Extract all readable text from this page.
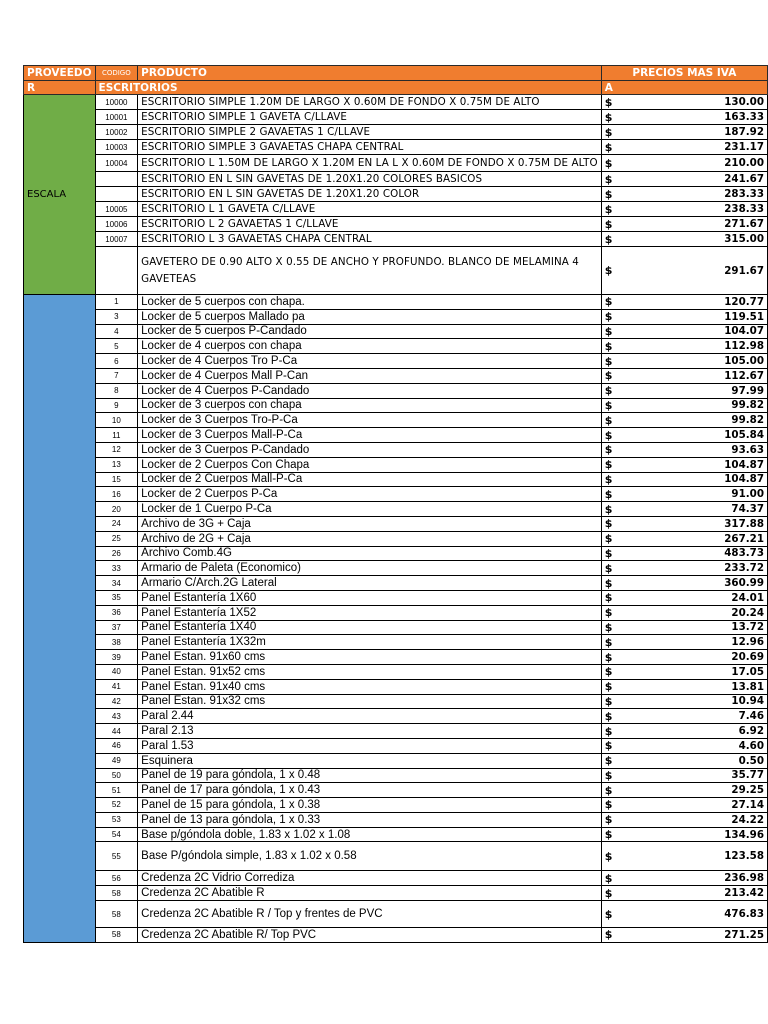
PROVEEDO	CODIGO	PRODUCTO		PRECIOS MAS IVA	
R	ESCRITORIOS			A	
ESCALA	10000	ESCRITORIO SIMPLE 1.20M DE LARGO X 0.60M DE FONDO X 0.75M DE ALTO		$	130.00
	10001	ESCRITORIO SIMPLE 1 GAVETA C/LLAVE		$	163.33
	10002	ESCRITORIO SIMPLE 2 GAVAETAS 1 C/LLAVE		$	187.92
	10003	ESCRITORIO SIMPLE 3 GAVAETAS CHAPA CENTRAL		$	231.17
	10004	ESCRITORIO L 1.50M DE LARGO X 1.20M EN LA L X 0.60M DE FONDO X 0.75M DE ALTO		$	210.00
		ESCRITORIO EN L SIN GAVETAS DE 1.20X1.20 COLORES BASICOS		$	241.67
		ESCRITORIO EN L SIN GAVETAS DE 1.20X1.20 COLOR		$	283.33
	10005	ESCRITORIO L 1 GAVETA C/LLAVE		$	238.33
	10006	ESCRITORIO L 2 GAVAETAS 1 C/LLAVE		$	271.67
	10007	ESCRITORIO L 3 GAVAETAS CHAPA CENTRAL		$	315.00
		GAVETERO DE 0.90 ALTO X 0.55 DE ANCHO Y PROFUNDO. BLANCO DE MELAMINA 4 GAVETEAS		$	291.67
	1	Locker de 5 cuerpos con chapa.		$	120.77
	3	Locker de 5 cuerpos Mallado pa		$	119.51
	4	Locker de 5 cuerpos P-Candado		$	104.07
	5	Locker de 4 cuerpos con chapa		$	112.98
	6	Locker de 4 Cuerpos Tro P-Ca		$	105.00
	7	Locker de 4 Cuerpos Mall P-Can		$	112.67
	8	Locker de 4 Cuerpos P-Candado		$	97.99
	9	Locker de 3 cuerpos con chapa		$	99.82
	10	Locker de 3 Cuerpos Tro-P-Ca		$	99.82
	11	Locker de 3 Cuerpos Mall-P-Ca		$	105.84
	12	Locker de 3 Cuerpos P-Candado		$	93.63
	13	Locker de 2 Cuerpos Con Chapa		$	104.87
	15	Locker de 2 Cuerpos Mall-P-Ca		$	104.87
	16	Locker de 2 Cuerpos P-Ca		$	91.00
	20	Locker de 1 Cuerpo P-Ca		$	74.37
	24	Archivo de 3G + Caja		$	317.88
	25	Archivo de 2G + Caja		$	267.21
	26	Archivo Comb.4G		$	483.73
	33	Armario de Paleta (Economico)		$	233.72
	34	Armario C/Arch.2G Lateral		$	360.99
	35	Panel Estantería 1X60		$	24.01
	36	Panel Estantería 1X52		$	20.24
	37	Panel Estantería 1X40		$	13.72
	38	Panel Estantería 1X32m		$	12.96
	39	Panel Estan. 91x60 cms		$	20.69
	40	Panel Estan. 91x52 cms		$	17.05
	41	Panel Estan. 91x40 cms		$	13.81
	42	Panel Estan. 91x32 cms		$	10.94
	43	Paral 2.44		$	7.46
	44	Paral 2.13		$	6.92
	46	Paral 1.53		$	4.60
	49	Esquinera		$	0.50
	50	Panel de 19 para góndola, 1 x 0.48		$	35.77
	51	Panel de 17 para góndola, 1 x 0.43		$	29.25
	52	Panel de 15 para góndola, 1 x 0.38		$	27.14
	53	Panel de 13 para góndola, 1 x 0.33		$	24.22
	54	Base p/góndola doble, 1.83 x 1.02 x 1.08		$	134.96
	55	Base P/góndola simple, 1.83 x 1.02 x 0.58		$	123.58
	56	Credenza 2C Vidrio Corrediza		$	236.98
	58	Credenza 2C Abatible R		$	213.42
	58	Credenza 2C Abatible R / Top y frentes de PVC		$	476.83
	58	Credenza 2C Abatible R/ Top PVC		$	271.25
